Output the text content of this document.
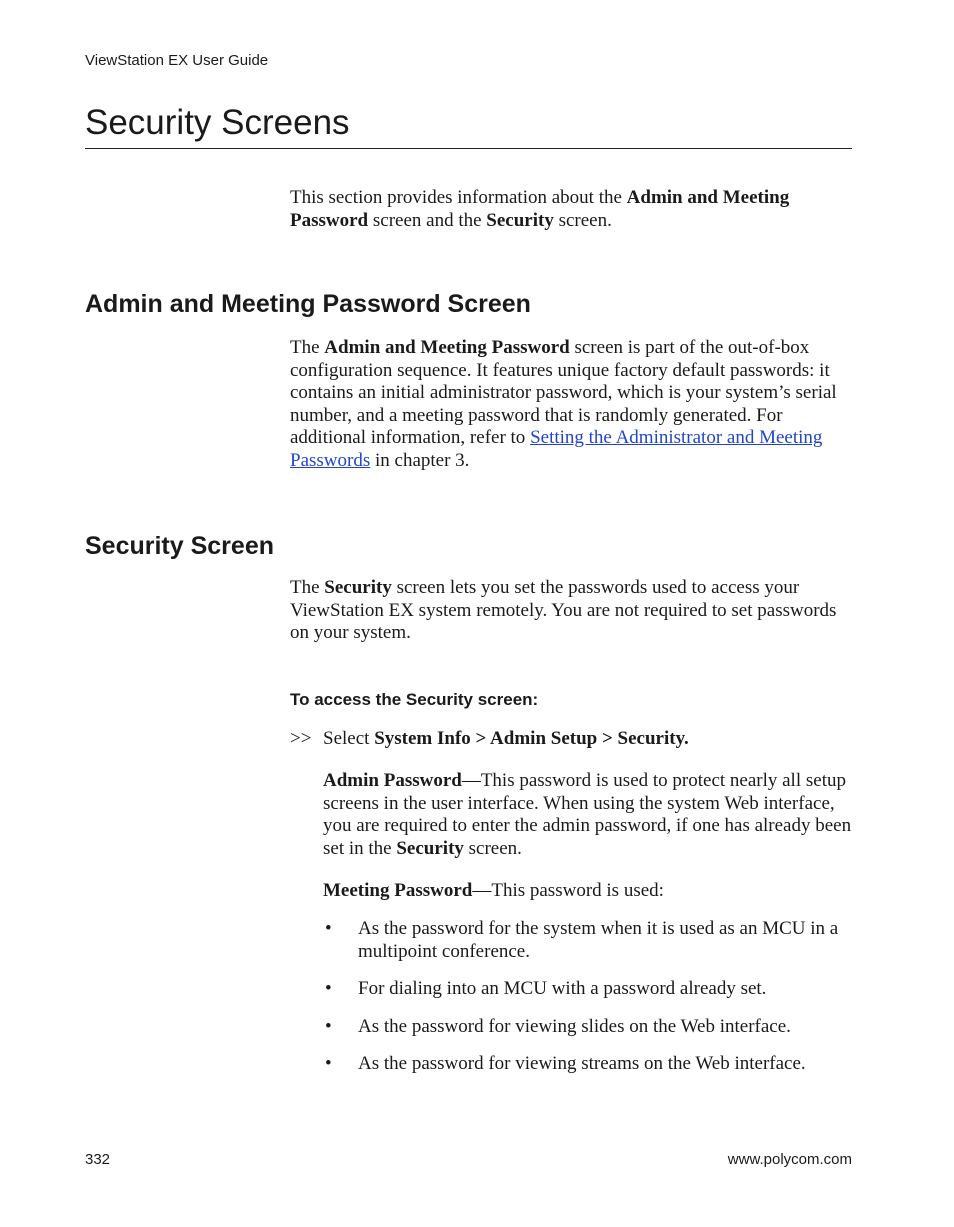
ViewStation EX User Guide
Security Screens

This section provides information about the Admin and Meeting Password screen and the Security screen.

Admin and Meeting Password Screen

The Admin and Meeting Password screen is part of the out-of-box configuration sequence. It features unique factory default passwords: it contains an initial administrator password, which is your system’s serial number, and a meeting password that is randomly generated. For additional information, refer to Setting the Administrator and Meeting Passwords in chapter 3.

Security Screen

The Security screen lets you set the passwords used to access your ViewStation EX system remotely. You are not required to set passwords on your system.

To access the Security screen:
>> Select System Info > Admin Setup > Security.

Admin Password—This password is used to protect nearly all setup screens in the user interface. When using the system Web interface, you are required to enter the admin password, if one has already been set in the Security screen.

Meeting Password—This password is used:

• As the password for the system when it is used as an MCU in a multipoint conference.
• For dialing into an MCU with a password already set.
• As the password for viewing slides on the Web interface.
• As the password for viewing streams on the Web interface.
332	www.polycom.com
